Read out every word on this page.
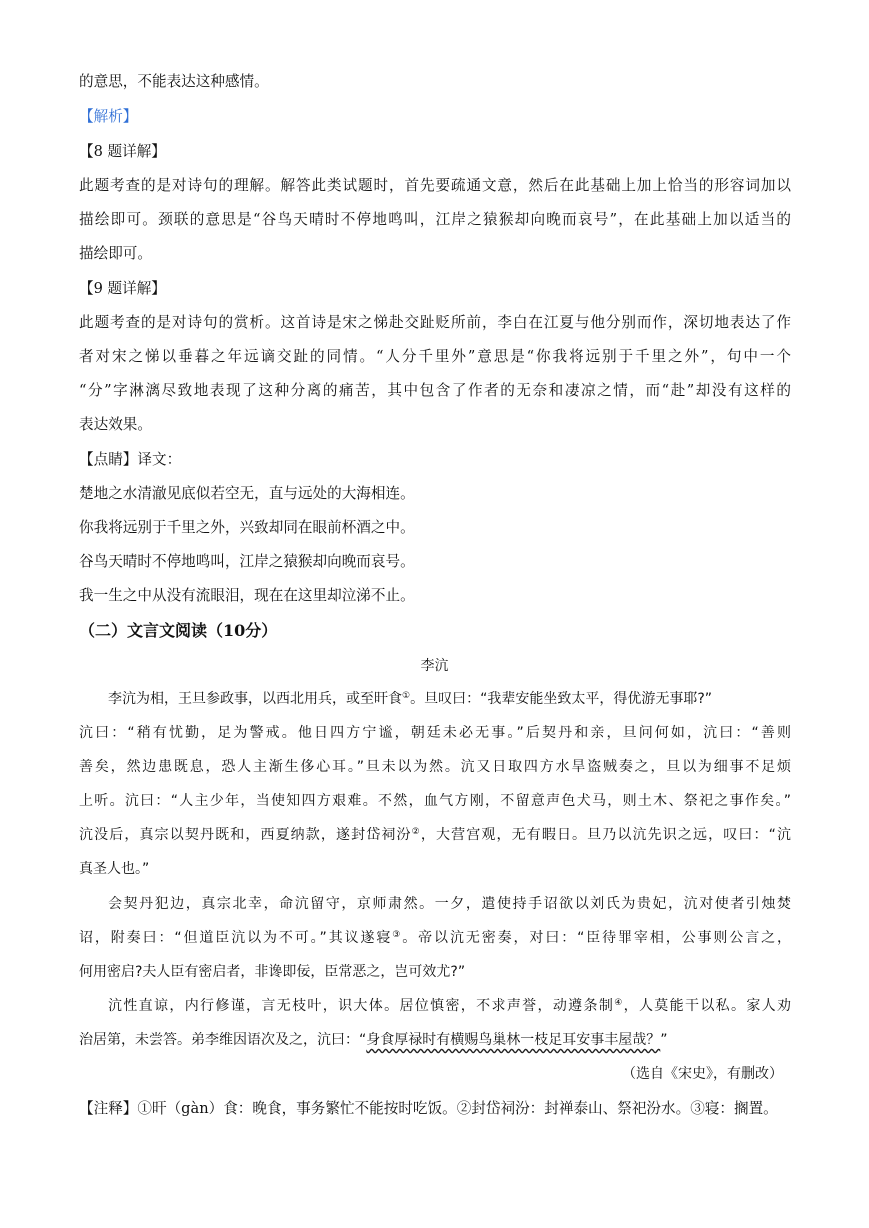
的意思，不能表达这种感情。
【解析】
【8 题详解】
此题考查的是对诗句的理解。解答此类试题时，首先要疏通文意，然后在此基础上加上恰当的形容词加以
描绘即可。颈联的意思是“谷鸟天晴时不停地鸣叫，江岸之猿猴却向晚而哀号”，在此基础上加以适当的
描绘即可。
【9 题详解】
此题考查的是对诗句的赏析。这首诗是宋之悌赴交趾贬所前，李白在江夏与他分别而作，深切地表达了作
者对宋之悌以垂暮之年远谪交趾的同情。“人分千里外”意思是“你我将远别于千里之外”，句中一个
“分”字淋漓尽致地表现了这种分离的痛苦，其中包含了作者的无奈和凄凉之情，而“赴”却没有这样的
表达效果。
【点睛】译文：
楚地之水清澈见底似若空无，直与远处的大海相连。
你我将远别于千里之外，兴致却同在眼前杯酒之中。
谷鸟天晴时不停地鸣叫，江岸之猿猴却向晚而哀号。
我一生之中从没有流眼泪，现在在这里却泣涕不止。
（二）文言文阅读（10分）
李沆
李沆为相，王旦参政事，以西北用兵，或至旰食①。旦叹曰：“我辈安能坐致太平，得优游无事耶?”
沆曰：“稍有忧勤，足为警戒。他日四方宁谧，朝廷未必无事。”后契丹和亲，旦问何如，沆曰：“善则
善矣，然边患既息，恐人主渐生侈心耳。”旦未以为然。沆又日取四方水旱盗贼奏之，旦以为细事不足烦
上听。沆曰：“人主少年，当使知四方艰难。不然，血气方刚，不留意声色犬马，则土木、祭祀之事作矣。”
沆没后，真宗以契丹既和，西夏纳款，遂封岱祠汾②，大营宫观，无有暇日。旦乃以沆先识之远，叹曰：“沆
真圣人也。”
会契丹犯边，真宗北幸，命沆留守，京师肃然。一夕，遣使持手诏欲以刘氏为贵妃，沆对使者引烛焚
诏，附奏曰：“但道臣沆以为不可。”其议遂寝③。帝以沆无密奏，对曰：“臣待罪宰相，公事则公言之，
何用密启?夫人臣有密启者，非谗即佞，臣常恶之，岂可效尤?”
沆性直谅，内行修谨，言无枝叶，识大体。居位慎密，不求声誉，动遵条制④，人莫能干以私。家人劝
治居第，未尝答。弟李维因语次及之，沆曰：“身食厚禄时有横赐鸟巢林一枝足耳安事丰屋哉？”
（选自《宋史》，有删改）
【注释】①旰（gàn）食：晚食，事务繁忙不能按时吃饭。②封岱祠汾：封禅泰山、祭祀汾水。③寝：搁置。
